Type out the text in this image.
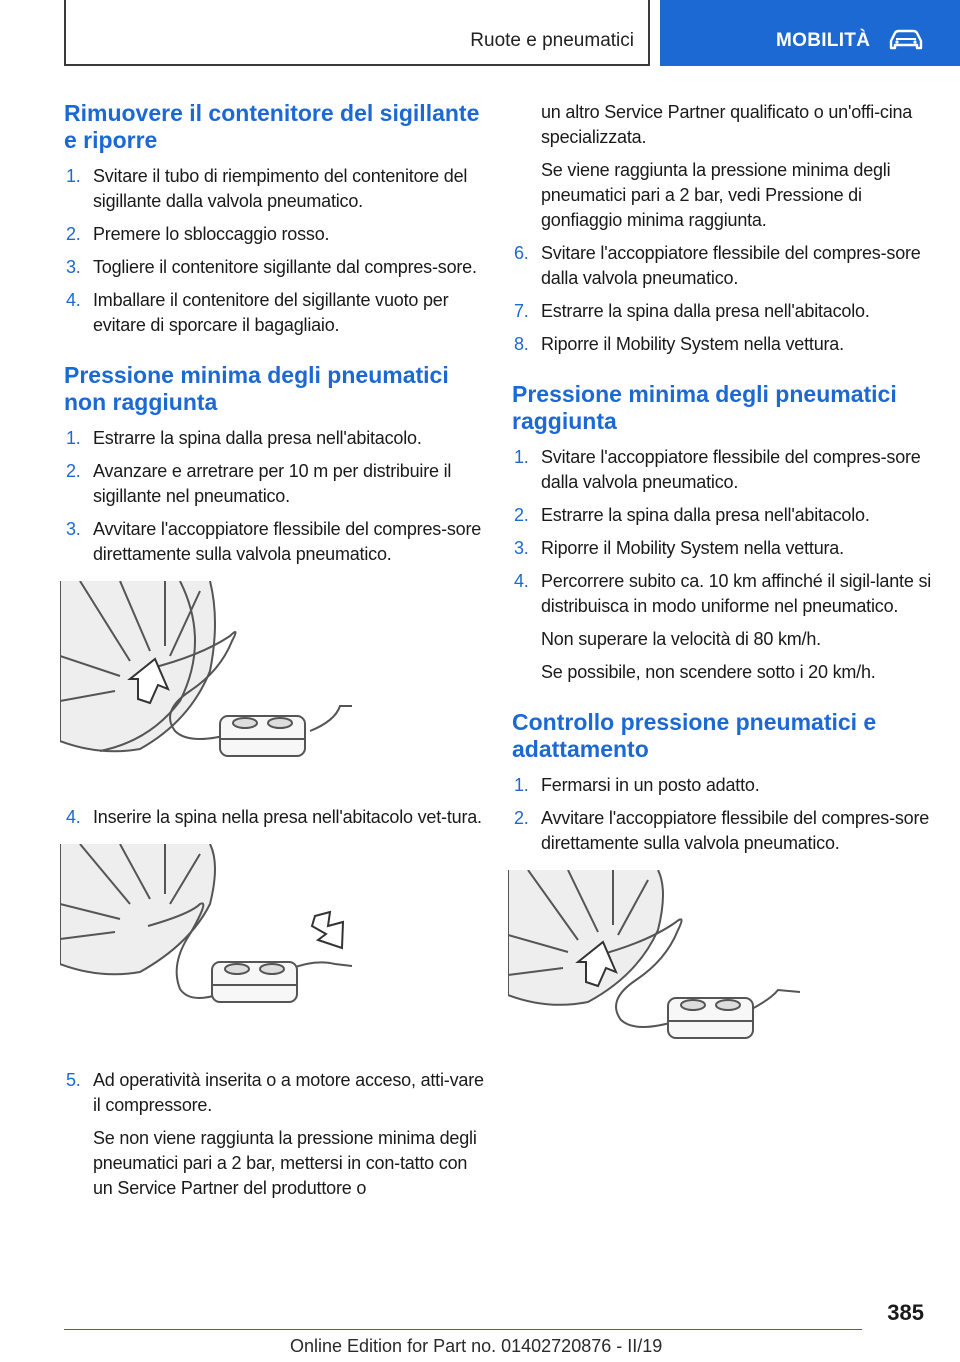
Ruote e pneumatici	MOBILITÀ
Rimuovere il contenitore del sigillante e riporre
1. Svitare il tubo di riempimento del contenitore del sigillante dalla valvola pneumatico.
2. Premere lo sbloccaggio rosso.
3. Togliere il contenitore sigillante dal compres-sore.
4. Imballare il contenitore del sigillante vuoto per evitare di sporcare il bagagliaio.
Pressione minima degli pneumatici non raggiunta
1. Estrarre la spina dalla presa nell'abitacolo.
2. Avanzare e arretrare per 10 m per distribuire il sigillante nel pneumatico.
3. Avvitare l'accoppiatore flessibile del compres-sore direttamente sulla valvola pneumatico.
4. Inserire la spina nella presa nell'abitacolo vet-tura.
5. Ad operatività inserita o a motore acceso, atti-vare il compressore.
Se non viene raggiunta la pressione minima degli pneumatici pari a 2 bar, mettersi in con-tatto con un Service Partner del produttore o

un altro Service Partner qualificato o un'offi-cina specializzata.

Se viene raggiunta la pressione minima degli pneumatici pari a 2 bar, vedi Pressione di gonfiaggio minima raggiunta.

6. Svitare l'accoppiatore flessibile del compres-sore dalla valvola pneumatico.
7. Estrarre la spina dalla presa nell'abitacolo.
8. Riporre il Mobility System nella vettura.
Pressione minima degli pneumatici raggiunta
1. Svitare l'accoppiatore flessibile del compres-sore dalla valvola pneumatico.
2. Estrarre la spina dalla presa nell'abitacolo.
3. Riporre il Mobility System nella vettura.
4. Percorrere subito ca. 10 km affinché il sigil-lante si distribuisca in modo uniforme nel pneumatico.
Non superare la velocità di 80 km/h.
Se possibile, non scendere sotto i 20 km/h.
Controllo pressione pneumatici e adattamento
1. Fermarsi in un posto adatto.
2. Avvitare l'accoppiatore flessibile del compres-sore direttamente sulla valvola pneumatico.
385
Online Edition for Part no. 01402720876 - II/19
